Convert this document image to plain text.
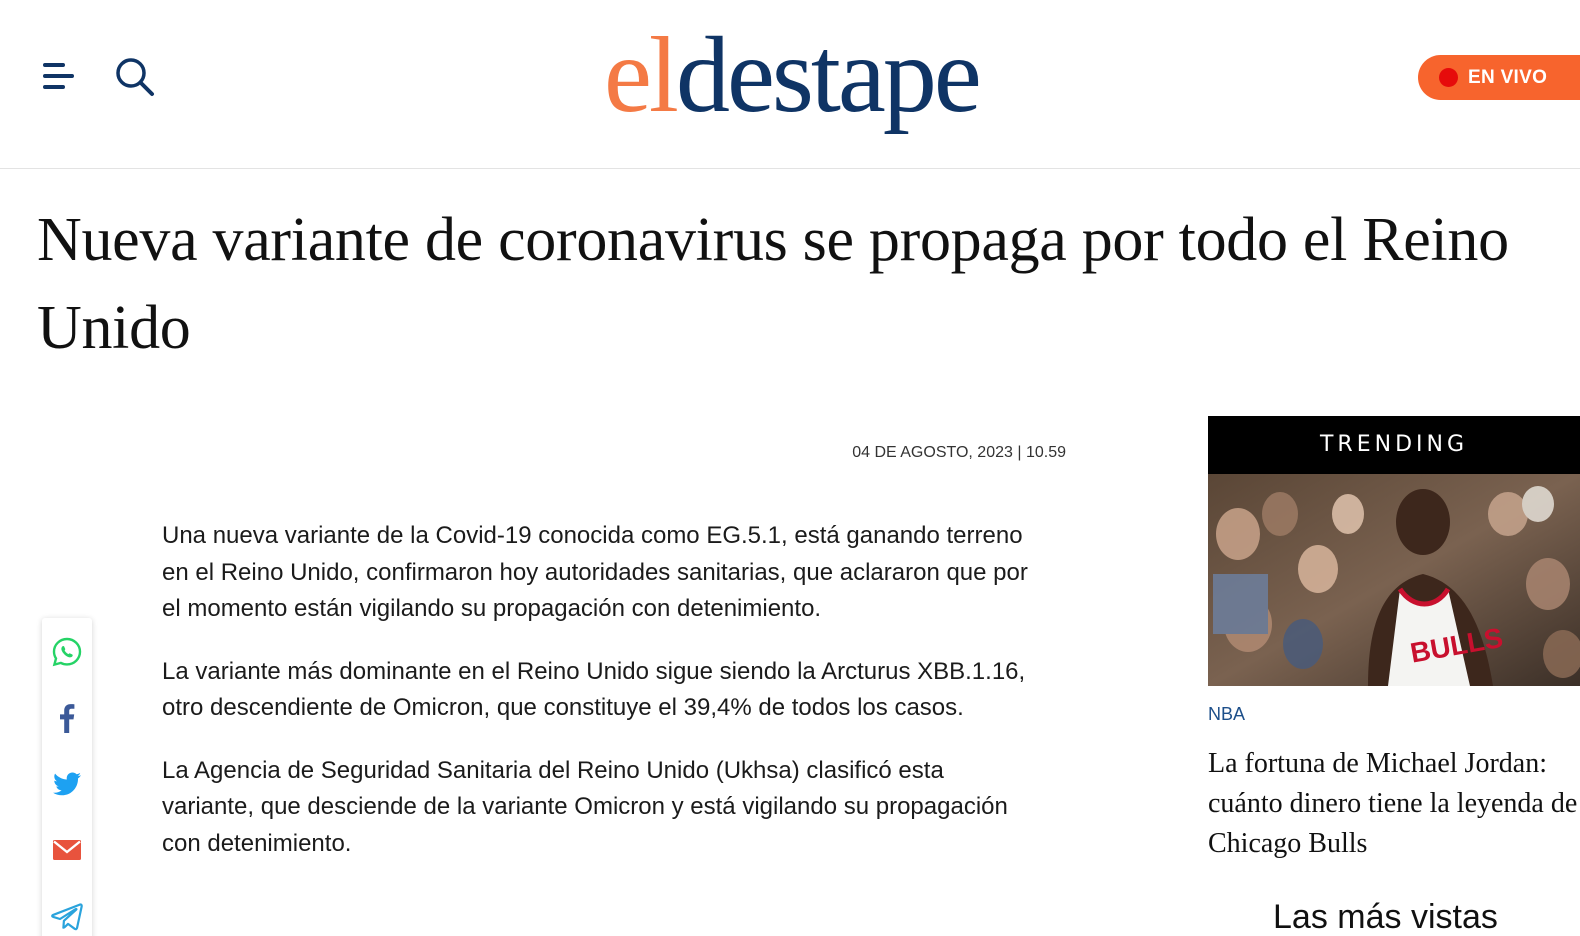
eldestape	EN VIVO
Nueva variante de coronavirus se propaga por todo el Reino Unido
04 DE AGOSTO, 2023 | 10.59

Una nueva variante de la Covid-19 conocida como EG.5.1, está ganando terreno en el Reino Unido, confirmaron hoy autoridades sanitarias, que aclararon que por el momento están vigilando su propagación con detenimiento.

La variante más dominante en el Reino Unido sigue siendo la Arcturus XBB.1.16, otro descendiente de Omicron, que constituye el 39,4% de todos los casos.

La Agencia de Seguridad Sanitaria del Reino Unido (Ukhsa) clasificó esta variante, que desciende de la variante Omicron y está vigilando su propagación con detenimiento.

TRENDING
BULLS
NBA
La fortuna de Michael Jordan: cuánto dinero tiene la leyenda de Chicago Bulls
Las más vistas
